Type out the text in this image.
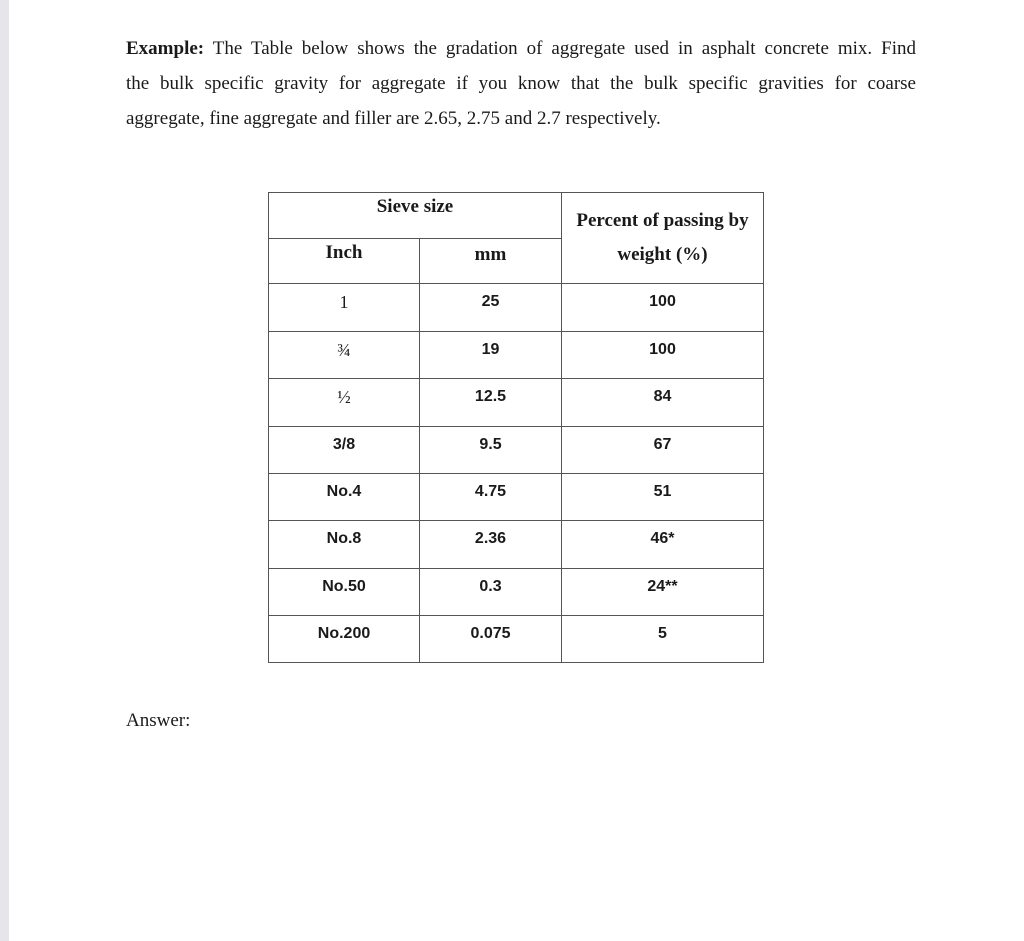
Example: The Table below shows the gradation of aggregate used in asphalt concrete mix. Find
the bulk specific gravity for aggregate if you know that the bulk specific gravities for coarse
aggregate, fine aggregate and filler are 2.65, 2.75 and 2.7 respectively.
Sieve size
Inch	mm
Percent of passing by
weight (%)
1	25	100
¾	19	100
½	12.5	84
3/8	9.5	67
No.4	4.75	51
No.8	2.36	46*
No.50	0.3	24**
No.200	0.075	5
Answer:
